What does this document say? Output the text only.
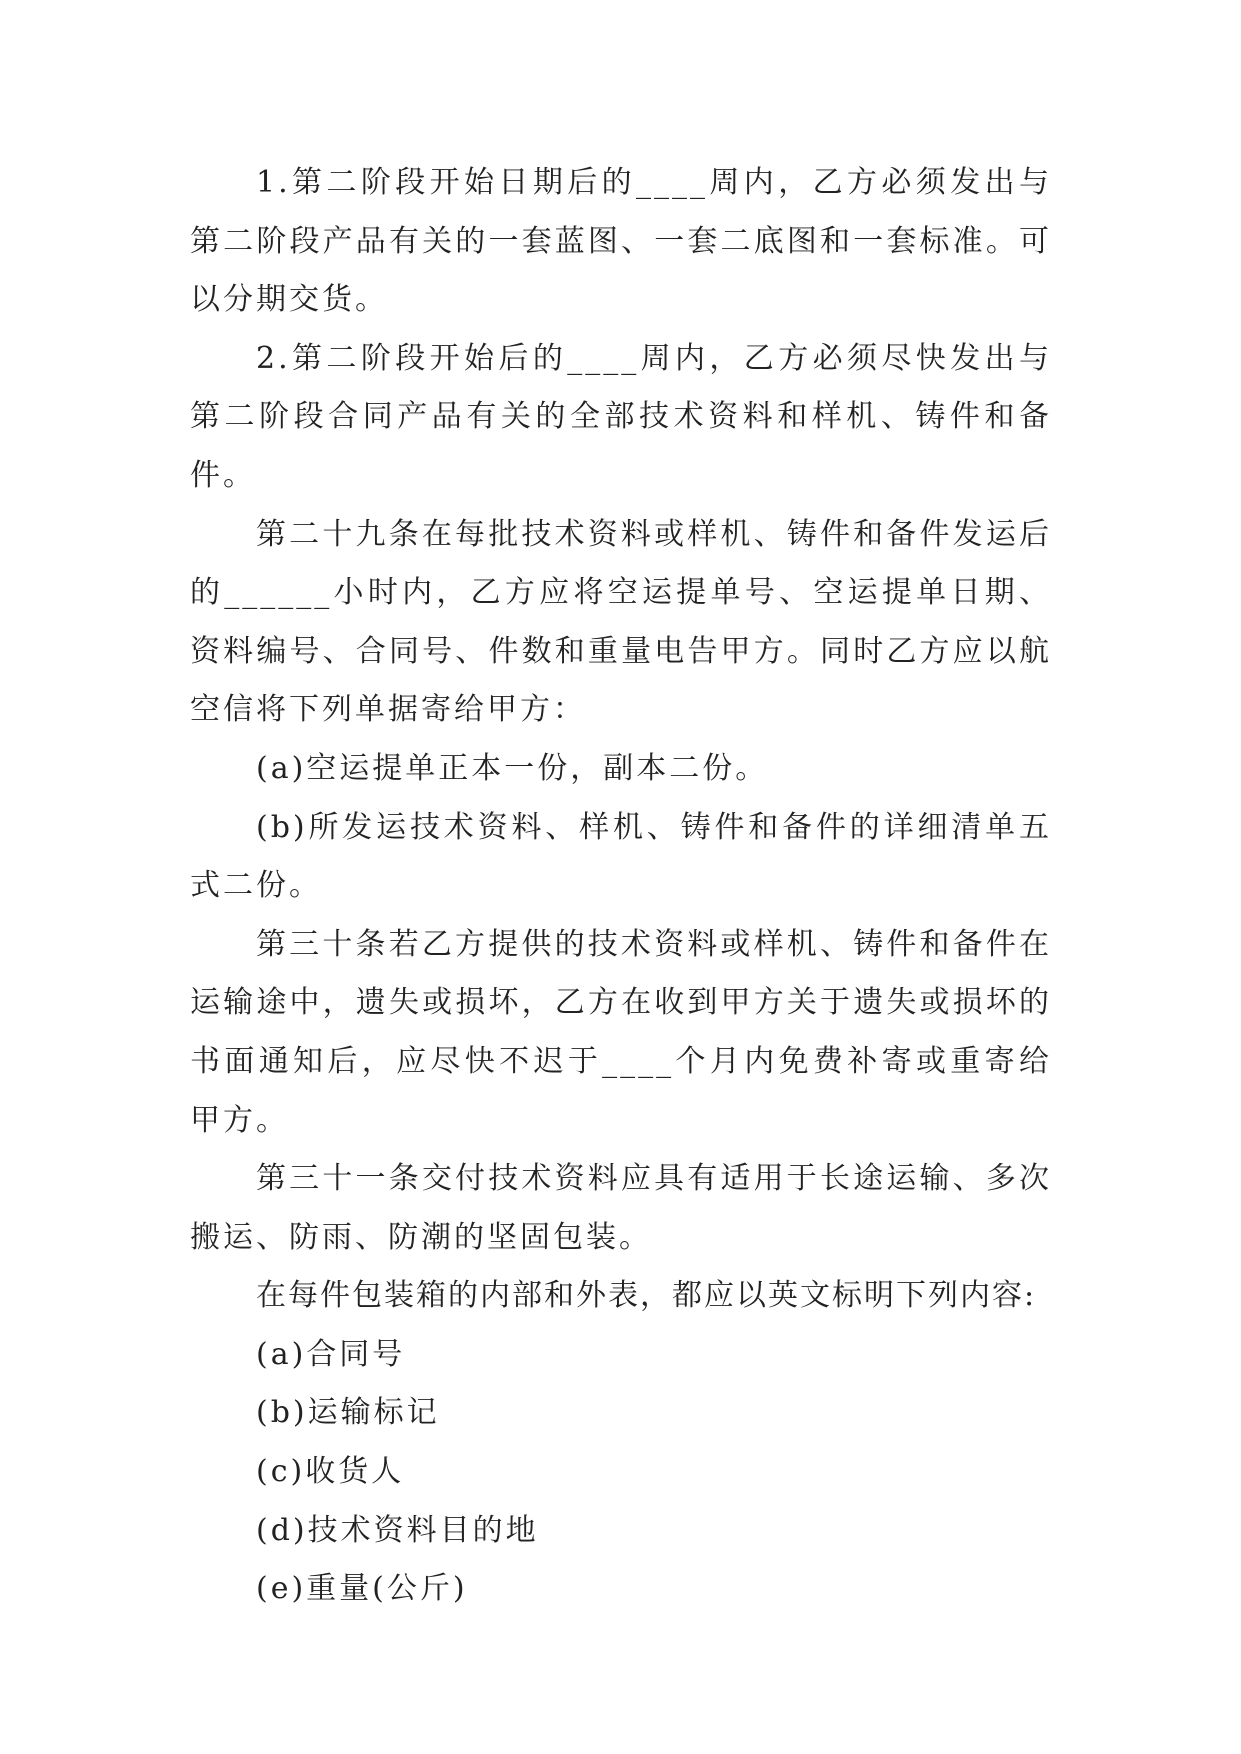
1.第二阶段开始日期后的____周内，乙方必须发出与第二阶段产品有关的一套蓝图、一套二底图和一套标准。可以分期交货。

2.第二阶段开始后的____周内，乙方必须尽快发出与第二阶段合同产品有关的全部技术资料和样机、铸件和备件。

第二十九条在每批技术资料或样机、铸件和备件发运后的______小时内，乙方应将空运提单号、空运提单日期、资料编号、合同号、件数和重量电告甲方。同时乙方应以航空信将下列单据寄给甲方：

(a)空运提单正本一份，副本二份。

(b)所发运技术资料、样机、铸件和备件的详细清单五式二份。

第三十条若乙方提供的技术资料或样机、铸件和备件在运输途中，遗失或损坏，乙方在收到甲方关于遗失或损坏的书面通知后，应尽快不迟于____个月内免费补寄或重寄给甲方。

第三十一条交付技术资料应具有适用于长途运输、多次搬运、防雨、防潮的坚固包装。

在每件包装箱的内部和外表，都应以英文标明下列内容:

(a)合同号

(b)运输标记

(c)收货人

(d)技术资料目的地

(e)重量(公斤)
